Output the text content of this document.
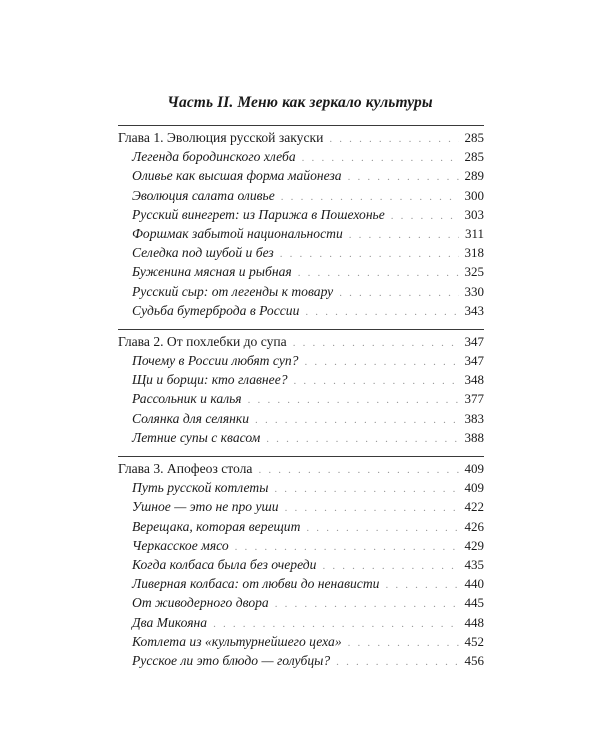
Часть II. Меню как зеркало культуры
Глава 1. Эволюция русской закуски . . .	285
Легенда бородинского хлеба . . .	285
Оливье как высшая форма майонеза . . .	289
Эволюция салата оливье . . .	300
Русский винегрет: из Парижа в Пошехонье . . .	303
Форшмак забытой национальности . . .	311
Селедка под шубой и без . . .	318
Буженина мясная и рыбная . . .	325
Русский сыр: от легенды к товару . . .	330
Судьба бутерброда в России . . .	343
Глава 2. От похлебки до супа . . .	347
Почему в России любят суп? . . .	347
Щи и борщи: кто главнее? . . .	348
Рассольник и калья . . .	377
Солянка для селянки . . .	383
Летние супы с квасом . . .	388
Глава 3. Апофеоз стола . . .	409
Путь русской котлеты . . .	409
Ушное — это не про уши . . .	422
Верещака, которая верещит . . .	426
Черкасское мясо . . .	429
Когда колбаса была без очереди . . .	435
Ливерная колбаса: от любви до ненависти . . .	440
От живодерного двора . . .	445
Два Микояна . . .	448
Котлета из «культурнейшего цеха» . . .	452
Русское ли это блюдо — голубцы? . . .	456
